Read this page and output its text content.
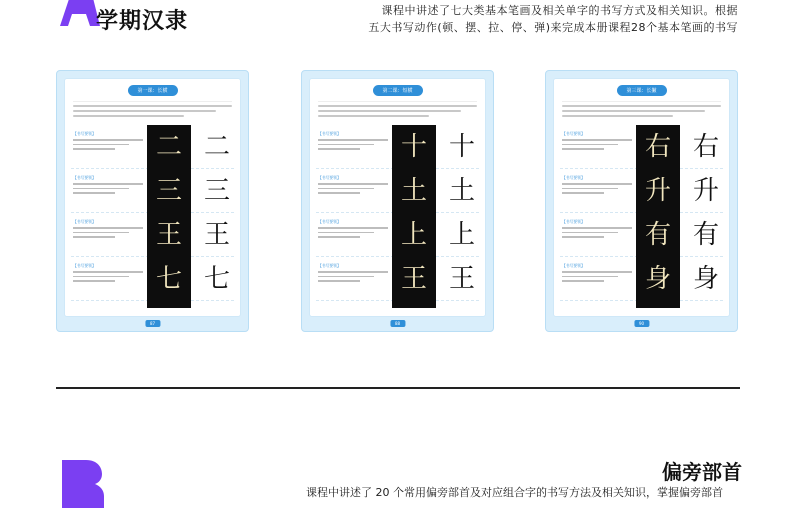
学期汉隶	课程中讲述了七大类基本笔画及相关单字的书写方式及相关知识。根据
五大书写动作(顿、摆、拉、停、弹)来完成本册课程28个基本笔画的书写
第一课：长横
【书写要领】
【书写要领】
【书写要领】
【书写要领】
二
三
王
七
二
三
王
七
87
第二课：短横
【书写要领】
【书写要领】
【书写要领】
【书写要领】
十
土
上
王
十
土
上
王
88
第三课：长撇
【书写要领】
【书写要领】
【书写要领】
【书写要领】
右
升
有
身
右
升
有
身
90
偏旁部首
课程中讲述了 20 个常用偏旁部首及对应组合字的书写方法及相关知识，掌握偏旁部首
